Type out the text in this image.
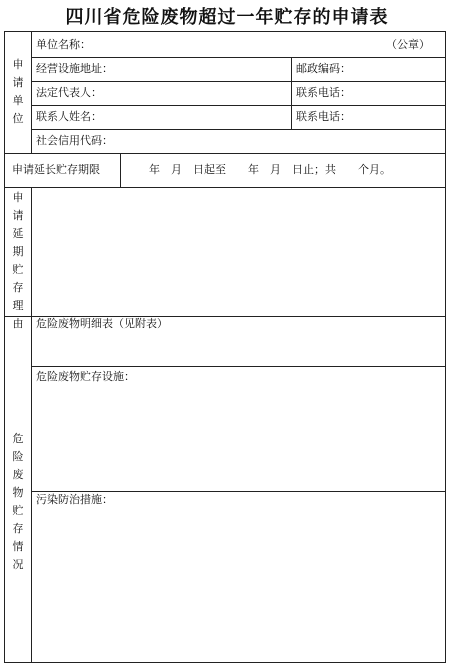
四川省危险废物超过一年贮存的申请表
申请单位
单位名称：	（公章）
经营设施地址：	邮政编码：
法定代表人：	联系电话：
联系人姓名：	联系电话：
社会信用代码：
申请延长贮存期限	年　月　日起至　　年　月　日止；共　　个月。
申请延期贮存理由
危险废物贮存情况
危险废物明细表（见附表）
危险废物贮存设施：
污染防治措施：
